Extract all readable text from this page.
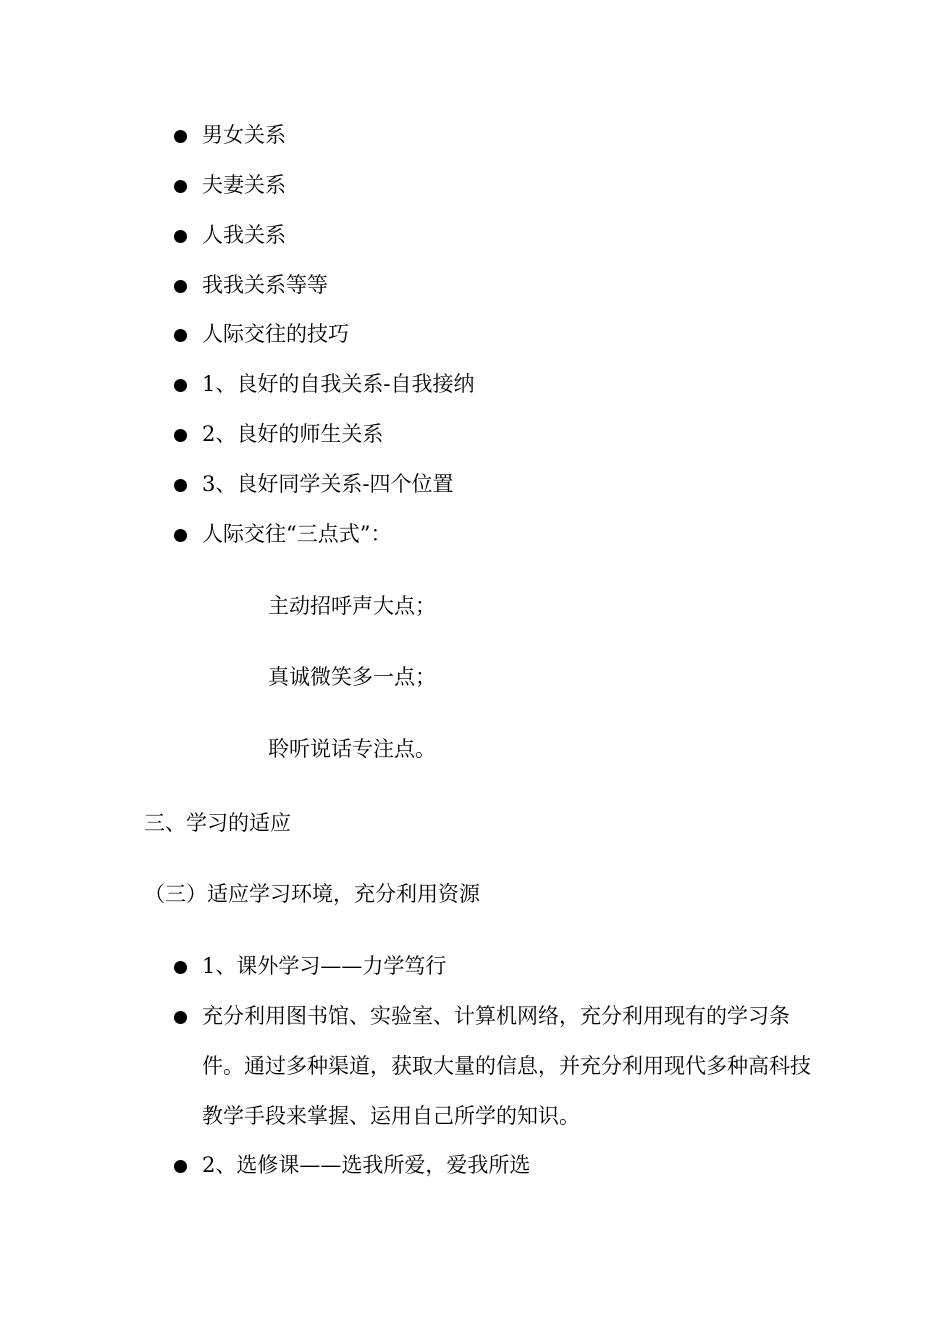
男女关系
夫妻关系
人我关系
我我关系等等
人际交往的技巧
1、良好的自我关系-自我接纳
2、良好的师生关系
3、良好同学关系-四个位置
人际交往“三点式”：
主动招呼声大点；
真诚微笑多一点；
聆听说话专注点。
三、学习的适应
（三）适应学习环境，充分利用资源
1、课外学习——力学笃行
充分利用图书馆、实验室、计算机网络，充分利用现有的学习条件。通过多种渠道，获取大量的信息，并充分利用现代多种高科技教学手段来掌握、运用自己所学的知识。
2、选修课——选我所爱，爱我所选
